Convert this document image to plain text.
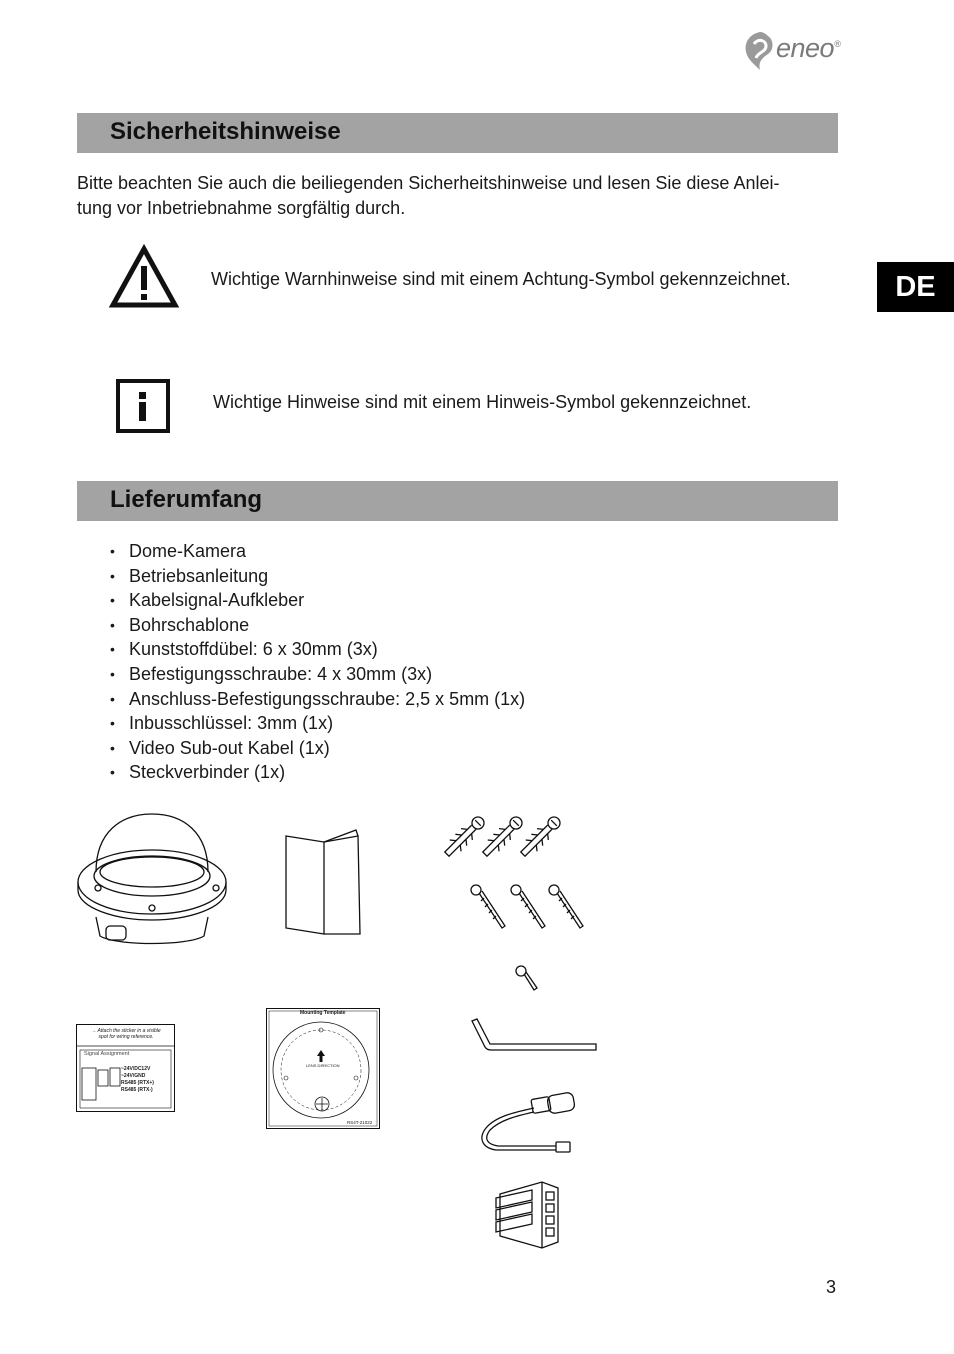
eneo®
Sicherheitshinweise
Bitte beachten Sie auch die beiliegenden Sicherheitshinweise und lesen Sie diese Anlei-
tung vor Inbetriebnahme sorgfältig durch.
DE
Wichtige Warnhinweise sind mit einem Achtung-Symbol gekennzeichnet.
Wichtige Hinweise sind mit einem Hinweis-Symbol gekennzeichnet.
Lieferumfang
• Dome-Kamera
• Betriebsanleitung
• Kabelsignal-Aufkleber
• Bohrschablone
• Kunststoffdübel: 6 x 30mm (3x)
• Befestigungsschraube: 4 x 30mm (3x)
• Anschluss-Befestigungsschraube: 2,5 x 5mm (1x)
• Inbusschlüssel: 3mm (1x)
• Video Sub-out Kabel (1x)
• Steckverbinder (1x)
→ Attach the sticker in a visible
spot for wiring reference.
Signal Assignment
~24V/DC12V
~24V/GND
RS485 (RTX+)
RS485 (RTX-)
Mounting Template
LENS DIRECTION
RS4T-21022
3
